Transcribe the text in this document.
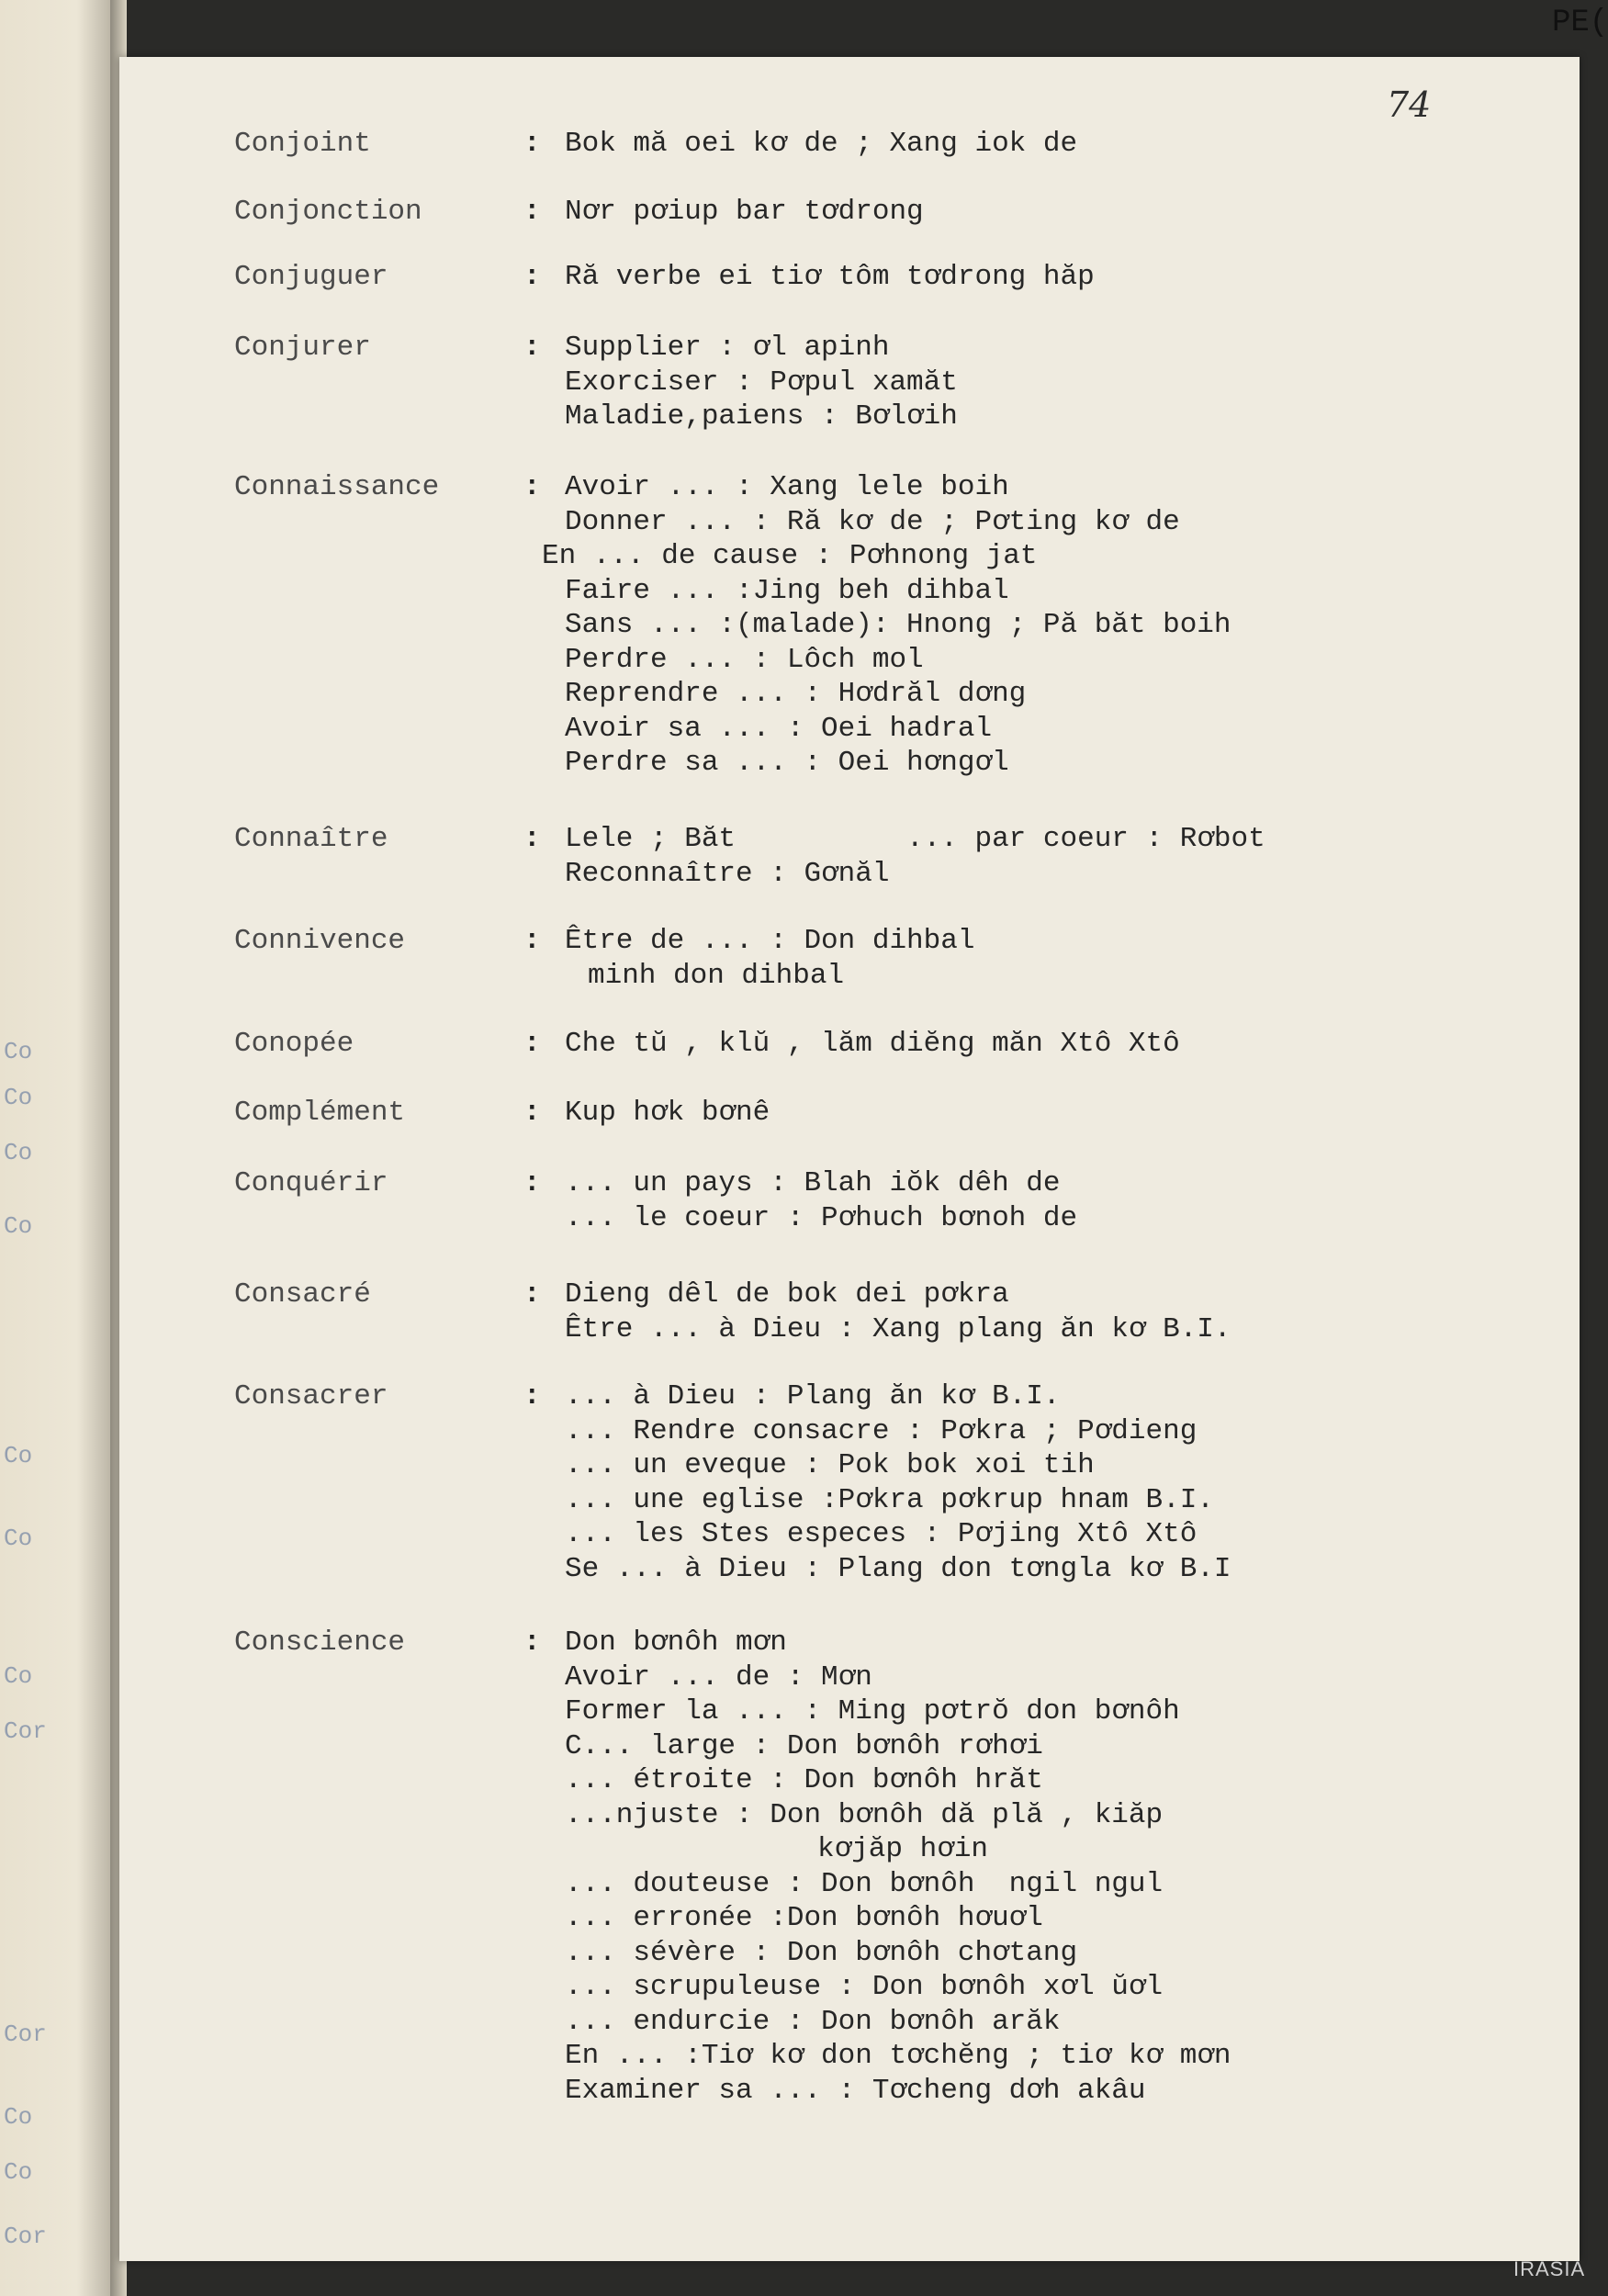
Co
Co
Co
Co
Co
Co
Co
Cor
Cor
Co
Co
Cor
PE(
74
Conjoint	: Bok mă oei kơ de ; Xang iok de
Conjonction	: Nơr pơiup bar tơdrong
Conjuguer	: Ră verbe ei tiơ tôm tơdrong hăp
Conjurer	: Supplier : ơl apinh
Exorciser : Pơpul xamăt
Maladie,paiens : Bơlơih
Connaissance	: Avoir ... : Xang lele boih
Donner ... : Ră kơ de ; Pơting kơ de
En ... de cause : Pơhnong jat
Faire ... :Jing beh dihbal
Sans ... :(malade): Hnong ; Pă băt boih
Perdre ... : Lôch mol
Reprendre ... : Hơdrăl dơng
Avoir sa ... : Oei hadral
Perdre sa ... : Oei hơngơl
Connaître	: Lele ; Băt          ... par coeur : Rơbot
Reconnaître : Gơnăl
Connivence	: Être de ... : Don dihbal
minh don dihbal
Conopée	: Che tŭ , klŭ , lăm diĕng măn Xtô Xtô
Complément	: Kup hơk bơnê
Conquérir	: ... un pays : Blah iŏk dêh de
... le coeur : Pơhuch bơnoh de
Consacré	: Dieng dêl de bok dei pơkra
Être ... à Dieu : Xang plang ăn kơ B.I.
Consacrer	: ... à Dieu : Plang ăn kơ B.I.
... Rendre consacre : Pơkra ; Pơdieng
... un eveque : Pok bok xoi tih
... une eglise :Pơkra pơkrup hnam B.I.
... les Stes especes : Pơjing Xtô Xtô
Se ... à Dieu : Plang don tơngla kơ B.I
Conscience	: Don bơnôh mơn
Avoir ... de : Mơn
Former la ... : Ming pơtrŏ don bơnôh
C... large : Don bơnôh rơhơi
... étroite : Don bơnôh hrăt
...njuste : Don bơnôh dă plă , kiăp
kơjăp hơin
... douteuse : Don bơnôh  ngil ngul
... erronée :Don bơnôh hơuơl
... sévère : Don bơnôh chơtang
... scrupuleuse : Don bơnôh xơl ŭơl
... endurcie : Don bơnôh arăk
En ... :Tiơ kơ don tơchĕng ; tiơ kơ mơn
Examiner sa ... : Tơcheng dơh akâu
IRASIA
